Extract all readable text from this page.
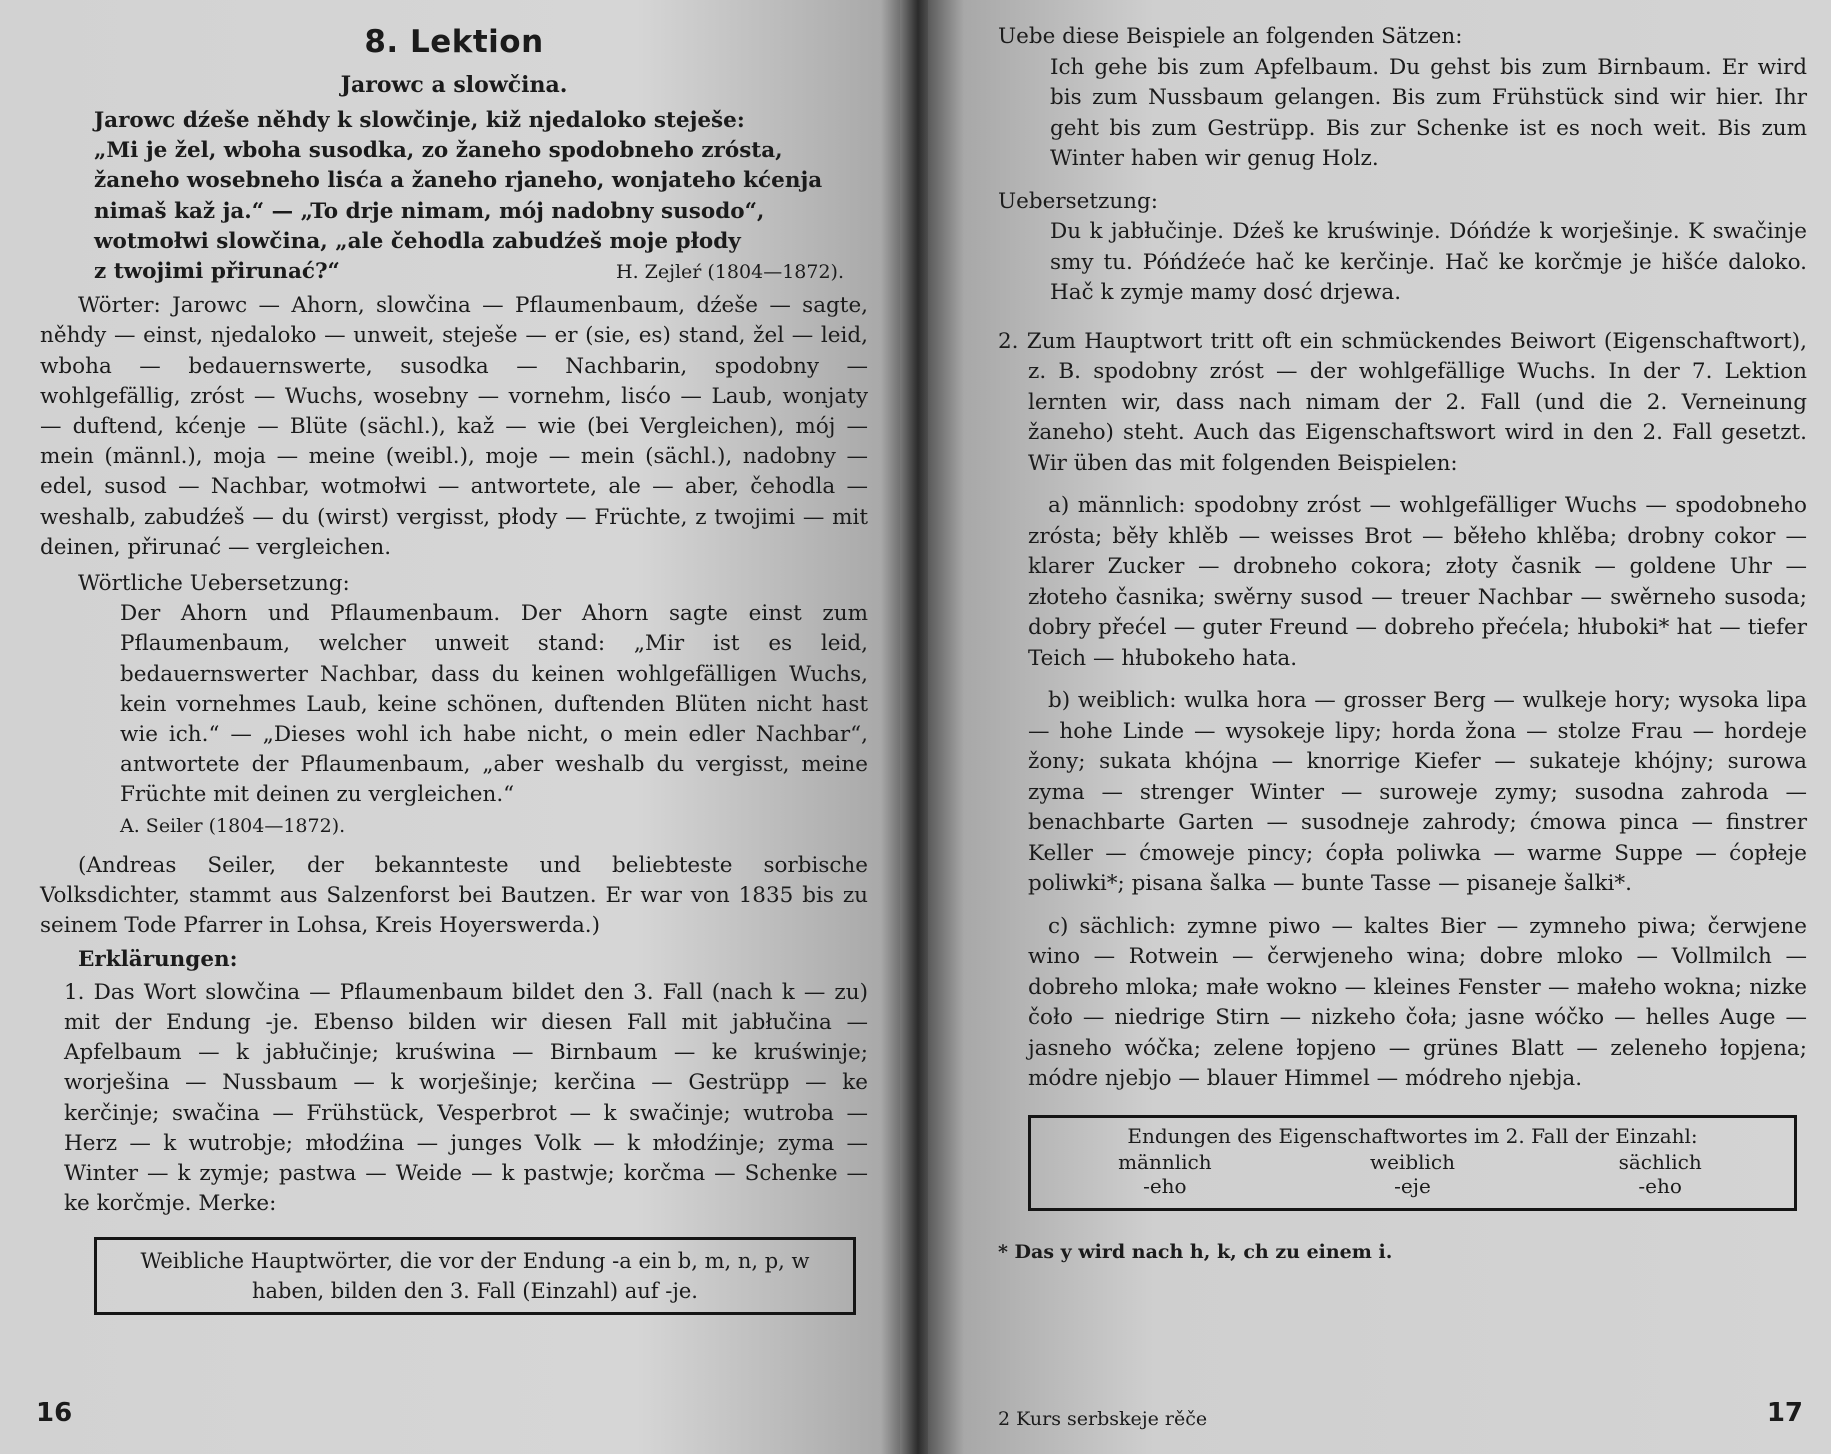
8. Lektion
Jarowc a slowčina.

Jarowc dźeše něhdy k slowčinje, kiž njedaloko steješe:

„Mi je žel, wboha susodka, zo žaneho spodobneho zrósta,

žaneho wosebneho lisća a žaneho rjaneho, wonjateho kćenja

nimaš kaž ja.“ — „To drje nimam, mój nadobny susodo“,

wotmołwi slowčina, „ale čehodla zabudźeš moje płody

z twojimi přirunać?“	H. Zejleŕ (1804—1872).

Wörter: Jarowc — Ahorn, slowčina — Pflaumenbaum, dźeše — sagte, něhdy — einst, njedaloko — unweit, steješe — er (sie, es) stand, žel — leid, wboha — bedauernswerte, susodka — Nachbarin, spodobny — wohlgefällig, zrόst — Wuchs, wosebny — vornehm, lisćo — Laub, wonjaty — duftend, kćenje — Blüte (sächl.), kaž — wie (bei Vergleichen), mój — mein (männl.), moja — meine (weibl.), moje — mein (sächl.), nadobny — edel, susod — Nachbar, wotmołwi — antwortete, ale — aber, čehodla — weshalb, zabudźeš — du (wirst) vergisst, płody — Früchte, z twojimi — mit deinen, přirunać — vergleichen.

Wörtliche Uebersetzung:

Der Ahorn und Pflaumenbaum. Der Ahorn sagte einst zum Pflaumenbaum, welcher unweit stand: „Mir ist es leid, bedauernswerter Nachbar, dass du keinen wohlgefälligen Wuchs, kein vornehmes Laub, keine schönen, duftenden Blüten nicht hast wie ich.“ — „Dieses wohl ich habe nicht, o mein edler Nachbar“, antwortete der Pflaumenbaum, „aber weshalb du vergisst, meine Früchte mit deinen zu vergleichen.“

A. Seiler (1804—1872).

(Andreas Seiler, der bekannteste und beliebteste sorbische Volksdichter, stammt aus Salzenforst bei Bautzen. Er war von 1835 bis zu seinem Tode Pfarrer in Lohsa, Kreis Hoyerswerda.)

Erklärungen:

1. Das Wort slowčina — Pflaumenbaum bildet den 3. Fall (nach k — zu) mit der Endung -je. Ebenso bilden wir diesen Fall mit jabłučina — Apfelbaum — k jabłučinje; kruświna — Birnbaum — ke kruświnje; worješina — Nussbaum — k worješinje; kerčina — Gestrüpp — ke kerčinje; swačina — Frühstück, Vesperbrot — k swačinje; wutroba — Herz — k wutrobje; młodźina — junges Volk — k młodźinje; zyma — Winter — k zymje; pastwa — Weide — k pastwje; korčma — Schenke — ke korčmje. Merke:

Weibliche Hauptwörter, die vor der Endung -a ein b, m, n, p, w haben, bilden den 3. Fall (Einzahl) auf -je.
16

Uebe diese Beispiele an folgenden Sätzen:

Ich gehe bis zum Apfelbaum. Du gehst bis zum Birnbaum. Er wird bis zum Nussbaum gelangen. Bis zum Frühstück sind wir hier. Ihr geht bis zum Gestrüpp. Bis zur Schenke ist es noch weit. Bis zum Winter haben wir genug Holz.

Uebersetzung:

Du k jabłučinje. Dźeš ke kruświnje. Dóńdźe k worješinje. K swačinje smy tu. Póńdźeće hač ke kerčinje. Hač ke korčmje je hišće daloko. Hač k zymje mamy dosć drjewa.

2. Zum Hauptwort tritt oft ein schmückendes Beiwort (Eigenschaftwort), z. B. spodobny zrόst — der wohlgefällige Wuchs. In der 7. Lektion lernten wir, dass nach nimam der 2. Fall (und die 2. Verneinung žaneho) steht. Auch das Eigenschaftswort wird in den 2. Fall gesetzt. Wir üben das mit folgenden Beispielen:

a) männlich: spodobny zrόst — wohlgefälliger Wuchs — spodobneho zrósta; běły khlěb — weisses Brot — běłeho khlěba; drobny cokor — klarer Zucker — drobneho cokora; złoty časnik — goldene Uhr — złoteho časnika; swěrny susod — treuer Nachbar — swěrneho susoda; dobry přećel — guter Freund — dobreho přećela; hłuboki* hat — tiefer Teich — hłubokeho hata.

b) weiblich: wulka hora — grosser Berg — wulkeje hory; wysoka lipa — hohe Linde — wysokeje lipy; horda žona — stolze Frau — hordeje žony; sukata khójna — knorrige Kiefer — sukateje khójny; surowa zyma — strenger Winter — surowejе zymy; susodna zahroda — benachbarte Garten — susodneje zahrody; ćmowa pinca — finstrer Keller — ćmoweje pincy; ćopła poliwka — warme Suppe — ćopłeje poliwki*; pisana šalka — bunte Tasse — pisaneje šalki*.

c) sächlich: zymne piwo — kaltes Bier — zymneho piwa; čerwjene wino — Rotwein — čerwjeneho wina; dobre mloko — Vollmilch — dobreho mloka; małe wokno — kleines Fenster — małeho wokna; nizke čoło — niedrige Stirn — nizkeho čoła; jasne wóčko — helles Auge — jasneho wóčka; zelene łopjeno — grünes Blatt — zeleneho łopjena; módre njebjo — blauer Himmel — módreho njebja.

Endungen des Eigenschaftwortes im 2. Fall der Einzahl:
männlich	weiblich	sächlich
-eho	-eje	-eho
* Das y wird nach h, k, ch zu einem i.
2 Kurs serbskeje rěče	17
